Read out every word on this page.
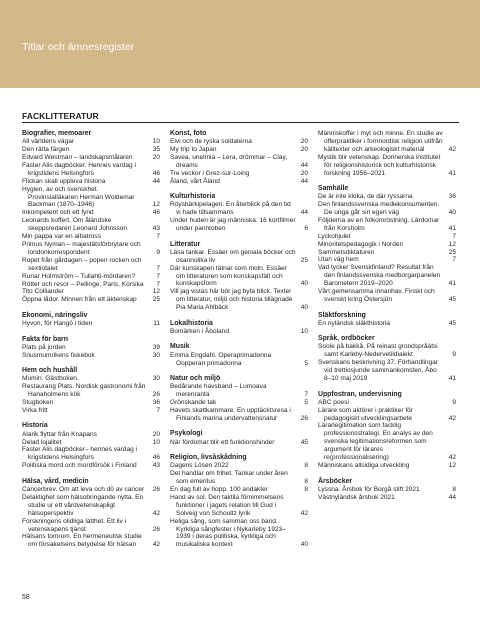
Titlar och ämnesregister
FACKLITTERATUR
Biografier, memoarer
All världens vägar	10
Den rätta färgen	35
Edvard Westman – landskapsmålaren	20
Faster Alis dagböcker. Hennes vardag i krigstidens Helsingfors	46
Flickan skall uppleva historia	44
Hygien, av och svenskhet. Provinsialläkaren Herman Woldemar Backman (1870–1946)	12
Inkompetent och ett fynd	46
Leonards koffert. Om åländske skeppsredaren Leonard Johnsson	43
Min pappa var en albatross	7
Primus Nyman – majestätsförbrytare och londonkorrespondent	9
Ropet från gårdagen – popen rocken och sextiotalet	7
Runar Holmström – Tullahti-mördaren?	7
Rötter och resor – Pellinge, Paris, Korsika	7
Tito Colliander	12
Öppna lådor. Minnen från ett äktenskap	25
Ekonomi, näringsliv
Hyvon, för Hangö i tiden	11
Fakta för barn
Plats på jorden	39
Snusmumrikens fiskebok	30
Hem och hushåll
Mumin. Gästboken.	30
Restaurang Plats. Nordisk gastronomi från Hanaholmens kök	26
Stugboken	36
Virka fritt	7
Historia
Alarik flyttar från Knapans	20
Delad lojalitet	10
Faster Alis dagböcker– hennes vardag i krigstidens Helsingfors	46
Politiska mord och mordförsök i Finland	43
Hälsa, vård, medicin
Cancerbrev. Om att leva och dö av cancer	26
Delaktighet som hälsobringande nytta. En studie ur ett vårdvetenskapligt hälsoperspektiv	42
Forskningens olidliga lätthet. Ett liv i vetenskapens tjänst	26
Hälsans tomrum. En hermeneutisk studie om försakelsens betydelse för hälsan	42
Konst, foto
Elvi och de ryska soldaterna	20
My trip to Japan	20
Savea, unelmia – Lera, drömmar – Clay, dreams	44
Tre veckor i Grez-sur-Loing	20
Åland, vårt Åland	44
Kulturhistoria
Röysbärkipelagen. En återblick på den tid vi hade tillsammans	44
Under huden är jag människa. 16 kortfilmer under panntoben	6
Litteratur
Läsa tankar. Essäer om geniala böcker och osannolika liv	25
Där kunskapen tätnar som moln. Essäer om litteraturen som kunskapsfält och kunskapsform	40
Vill jag vistas här bör jag byta blick. Texter om litteratur, miljö och historia tillägnade Pia Maria Ahlbäck	40
Lokalhistoria
Bomärken i Åboland	10
Musik
Emma Engdahl. Operaprimadonna Oopperan primadonna	5
Natur och miljö
Bedårande havsband – Lumoava merenranta	7
Grönskande tak	5
Havets skattkammare. En upptäcktsresa i Finlands marina undervattensnatur	26
Psykologi
När fördomar blir ett funktionshinder	45
Religion, livsåskådning
Dagens Lösen 2022	8
Det handlar om frihet. Tankar under åren som emeritus	8
En dag full av hopp. 100 andakter	8
Hand av sol. Den taktila förnimmelsens funktioner i jagets relation till Gud i Solveig von Schoultz lyrik	42
Heliga sång, som samman oss band. Kyrkliga sångfester i Nykarleby 1923–1939 i deras politiska, kyrkliga och musikaliska kontext	40
Människoffer i myt och minne. En studie av offerpraktiker i fornnordisk religion utifrån källtexter och arkeologiskt material	42
Mystik blir vetenskap. Donnerska institutet för religionshistorisk och kulturhistorisk forskning 1956–2021	41
Samhälle
De är inte kloka, de där ryssarna	36
Den finlandssvenska mediekonsumenten. De unga går sin egen väg	40
Följderna av en folkomröstning. Lärdomar från Korsholm	41
Lyckohjulet	7
Minoritetspedagogik i Norden	12
Sammetsdiktaturen	25
Utan väg hem	7
Vad tycker Svenskfinland? Resultat från den finlandssvenska medborgarpanelen Barometern 2019–2020	41
Vårt gemensamma innanhav. Finskt och svenskt kring Östersjön	45
Släktforskning
En nyländsk släkthistoria	45
Språk, ordböcker
Soole på bakkå. På reinast grondspråätsi samt Karleby-Nedervetildialekt	9
Svenskans beskrivning 37. Förhandlingar vid trettiosjunde sammankomsten, Åbo 8–10 maj 2019	41
Uppfostran, undervisning
ABC poesi	9
Lärare som aktörer i praktiker för pedagogiskt utvecklingsarbete	42
Lärarlegitimation som facklig professionsstrategi. En analys av den svenska legitimationsreformen som argument för lärares re(professionalisering)	42
Människans allsidiga utveckling	12
Årsböcker
Lyssna. Årsbok för Borgå stift 2021	8
Västnyländsk årsbok 2021	44
58
